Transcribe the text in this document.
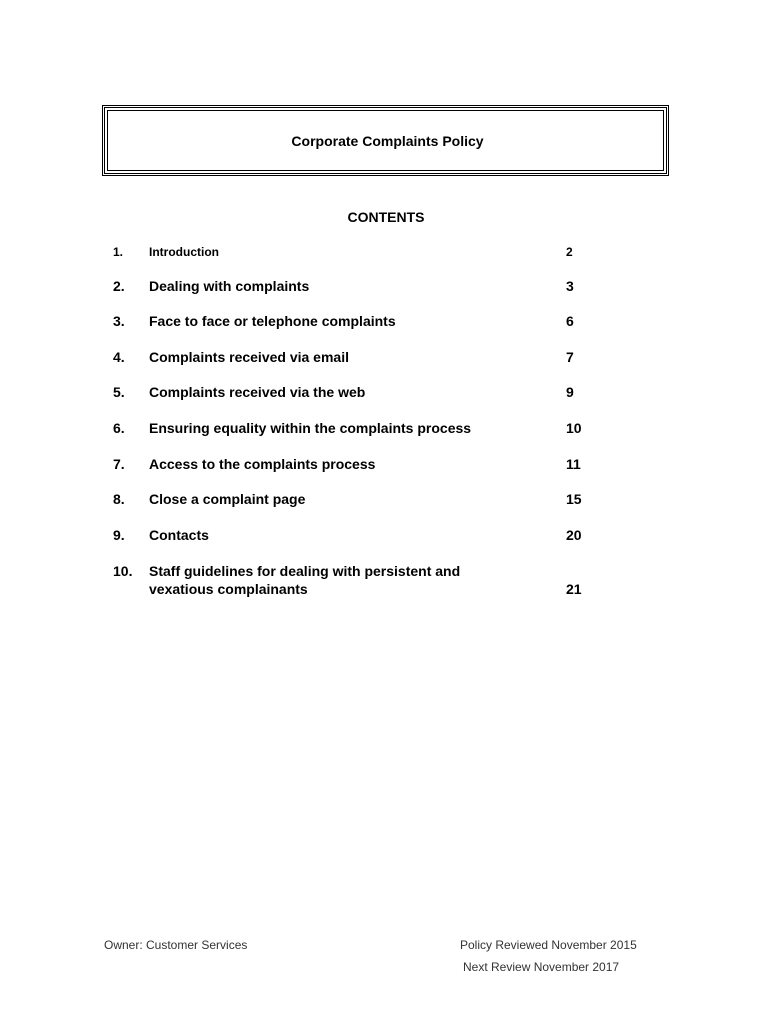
Corporate Complaints Policy
CONTENTS
1. Introduction	2
2. Dealing with complaints	3
3. Face to face or telephone complaints	6
4. Complaints received via email	7
5. Complaints received via the web	9
6. Ensuring equality within the complaints process	10
7. Access to the complaints process	11
8. Close a complaint page	15
9. Contacts	20
10. Staff guidelines for dealing with persistent and vexatious complainants	21
Owner: Customer Services	Policy Reviewed November 2015
Next Review November 2017
